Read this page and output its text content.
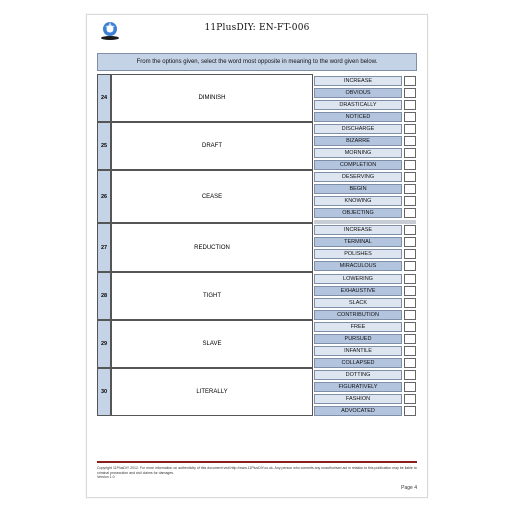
11PlusDIY: EN-FT-006
From the options given, select the word most opposite in meaning to the word given below.
24	DIMINISH
INCREASE
OBVIOUS
DRASTICALLY
NOTICED
25	DRAFT
DISCHARGE
BIZARRE
MORNING
COMPLETION
26	CEASE
DESERVING
BEGIN
KNOWING
OBJECTING
27	REDUCTION
INCREASE
TERMINAL
POLISHES
MIRACULOUS
28	TIGHT
LOWERING
EXHAUSTIVE
SLACK
CONTRIBUTION
29	SLAVE
FREE
PURSUED
INFANTILE
COLLAPSED
30	LITERALLY
DOTTING
FIGURATIVELY
FASHION
ADVOCATED
Copyright 11PlusDIY 2012. For more information on authenticity of this document visit http://www.11PlusDIY.co.uk. Any person who commits any unauthorised act in relation to this publication may be liable to criminal prosecution and civil claims for damages.
Version 1.0
Page 4
